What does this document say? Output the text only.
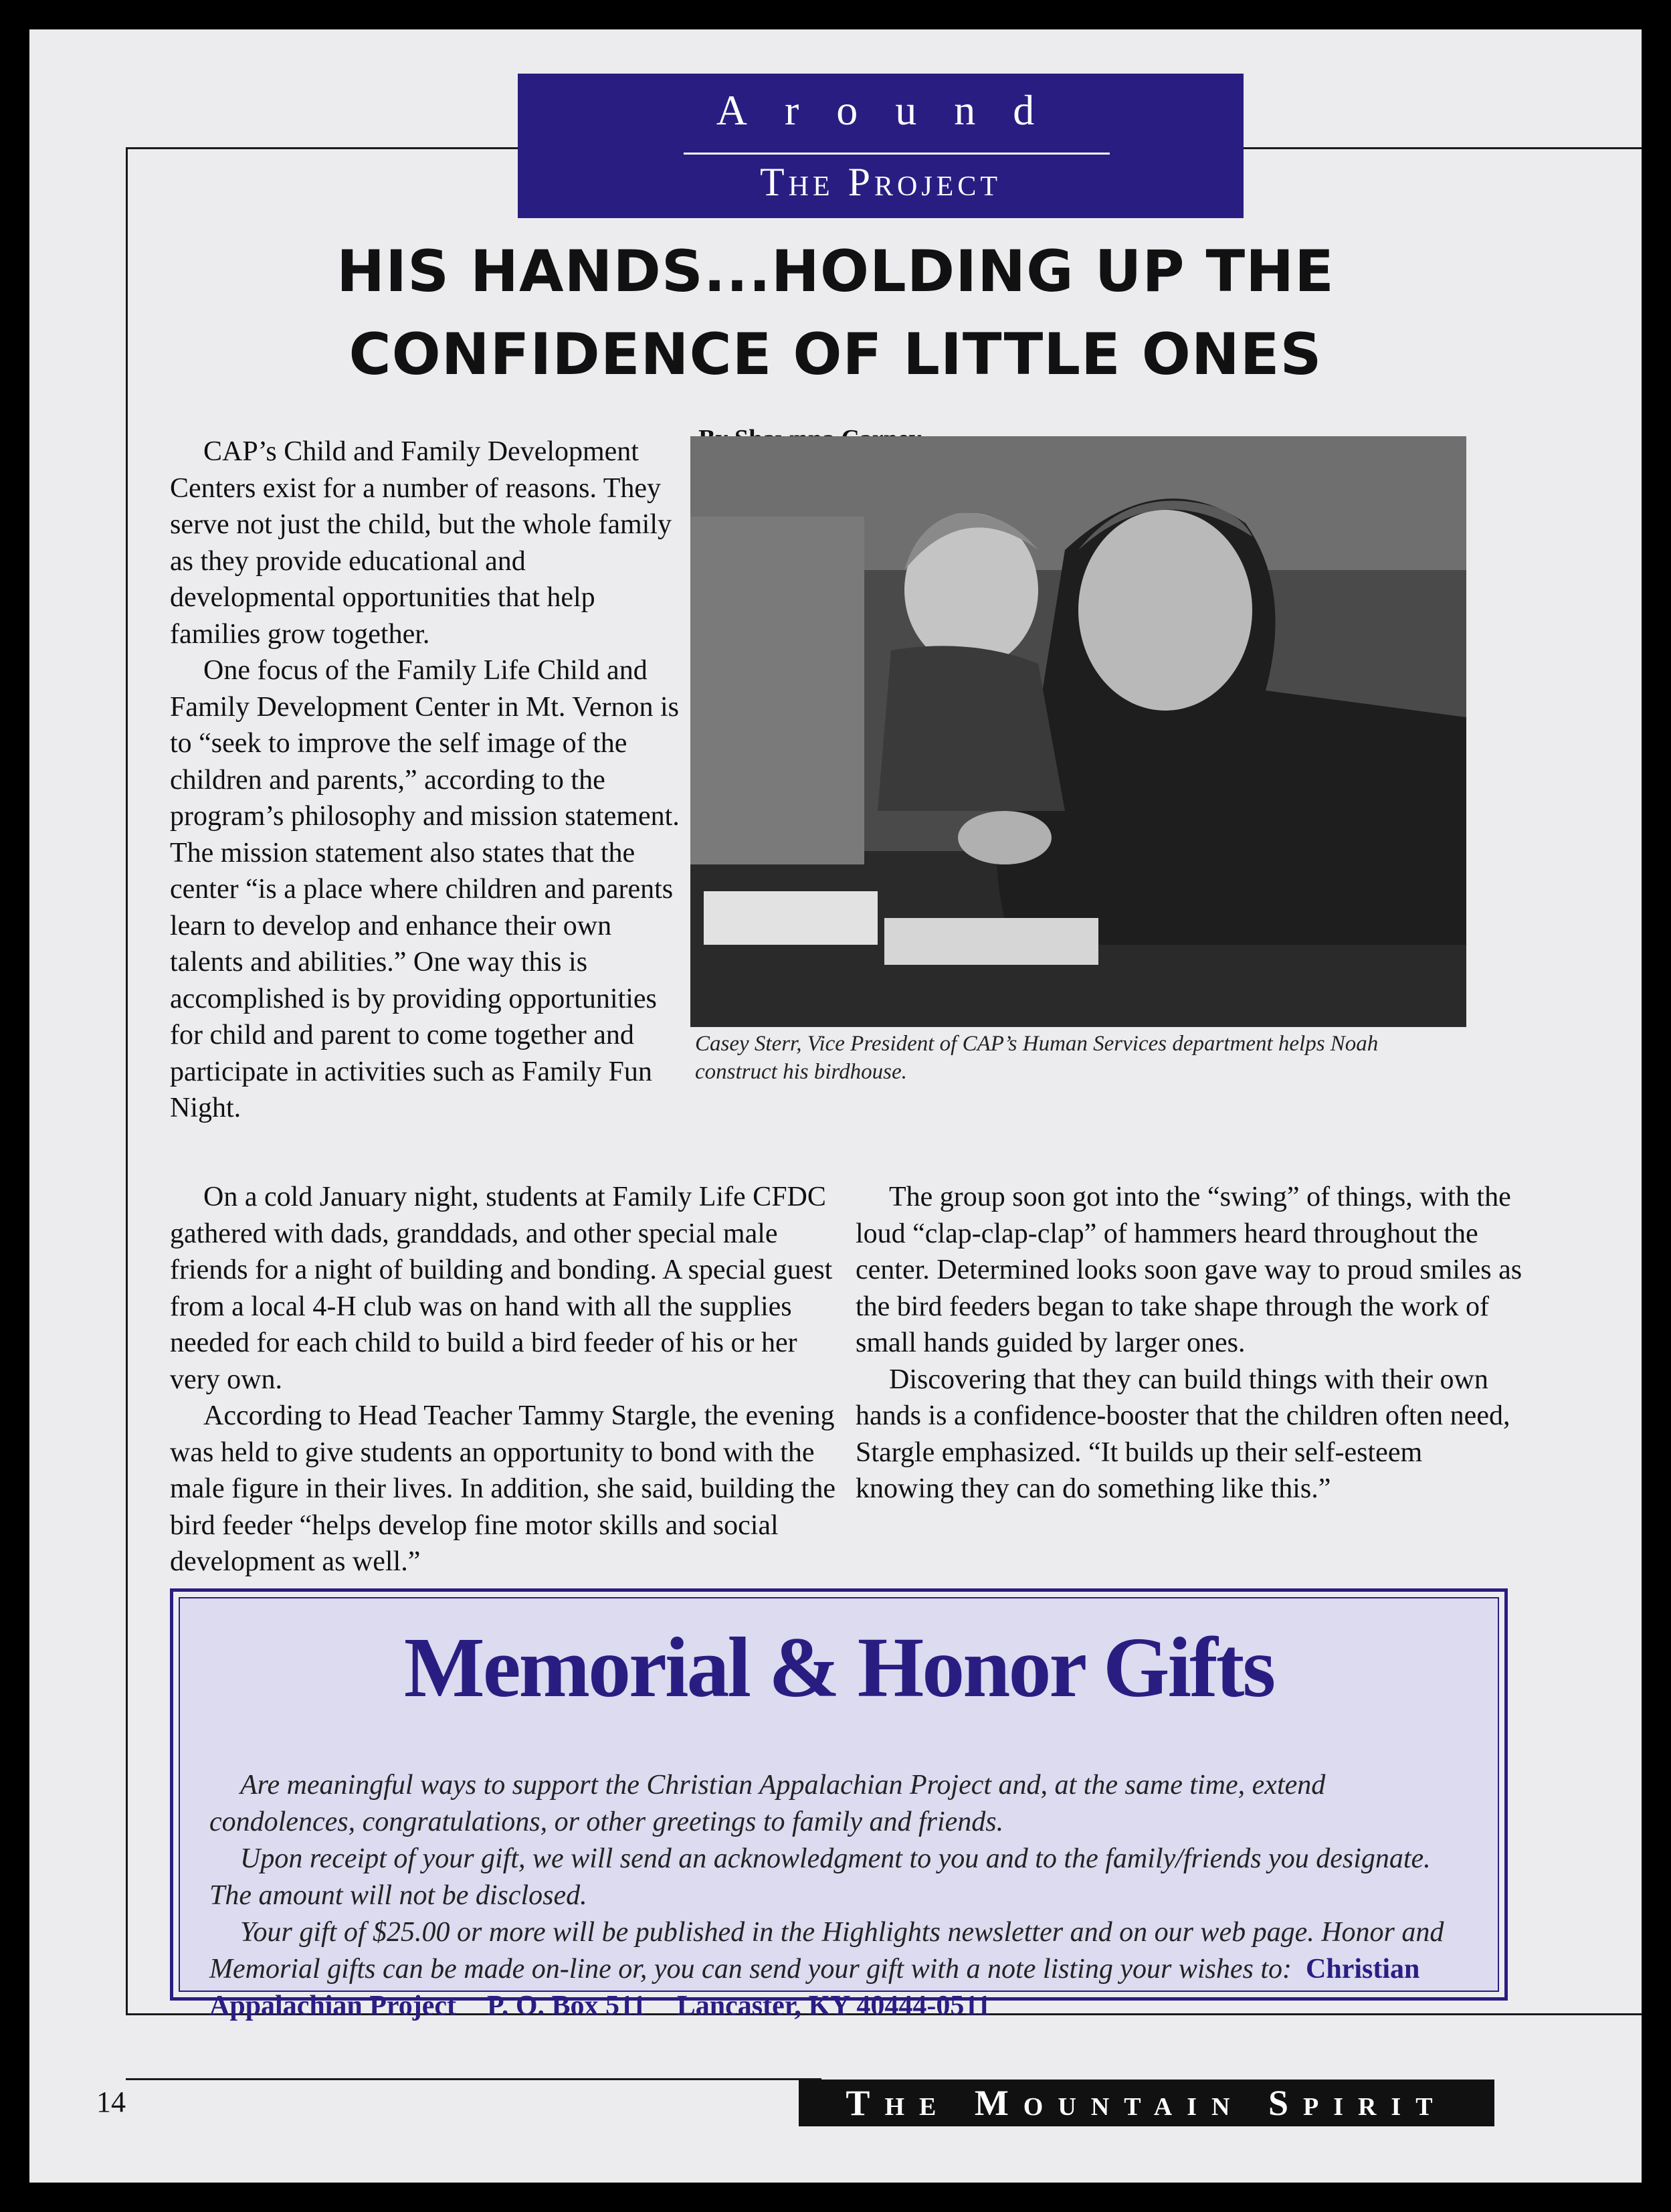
Around
The Project
HIS HANDS...HOLDING UP THE CONFIDENCE OF LITTLE ONES
Casey Sterr, Vice President of CAP’s Human Services department helps Noah construct his birdhouse.

CAP’s Child and Family Development Centers exist for a number of reasons. They serve not just the child, but the whole family as they provide educational and developmental opportunities that help families grow together.

One focus of the Family Life Child and Family Development Center in Mt. Vernon is to “seek to improve the self image of the children and parents,” according to the program’s philosophy and mission statement. The mission statement also states that the center “is a place where children and parents learn to develop and enhance their own talents and abilities.” One way this is accomplished is by providing opportunities for child and parent to come together and participate in activities such as Family Fun Night.

On a cold January night, students at Family Life CFDC gathered with dads, granddads, and other special male friends for a night of building and bonding. A special guest from a local 4-H club was on hand with all the supplies needed for each child to build a bird feeder of his or her very own.

According to Head Teacher Tammy Stargle, the evening was held to give students an opportunity to bond with the male figure in their lives. In addition, she said, building the bird feeder “helps develop fine motor skills and social development as well.”

The group soon got into the “swing” of things, with the loud “clap-clap-clap” of hammers heard throughout the center. Determined looks soon gave way to proud smiles as the bird feeders began to take shape through the work of small hands guided by larger ones.

Discovering that they can build things with their own hands is a confidence-booster that the children often need, Stargle emphasized. “It builds up their self-esteem knowing they can do something like this.”

Memorial & Honor Gifts

Are meaningful ways to support the Christian Appalachian Project and, at the same time, extend condolences, congratulations, or other greetings to family and friends.

Upon receipt of your gift, we will send an acknowledgment to you and to the family/friends you designate. The amount will not be disclosed.

Your gift of $25.00 or more will be published in the Highlights newsletter and on our web page. Honor and Memorial gifts can be made on-line or, you can send your gift with a note listing your wishes to: Christian Appalachian Project P. O. Box 511 Lancaster, KY 40444-0511

14	The Mountain Spirit
